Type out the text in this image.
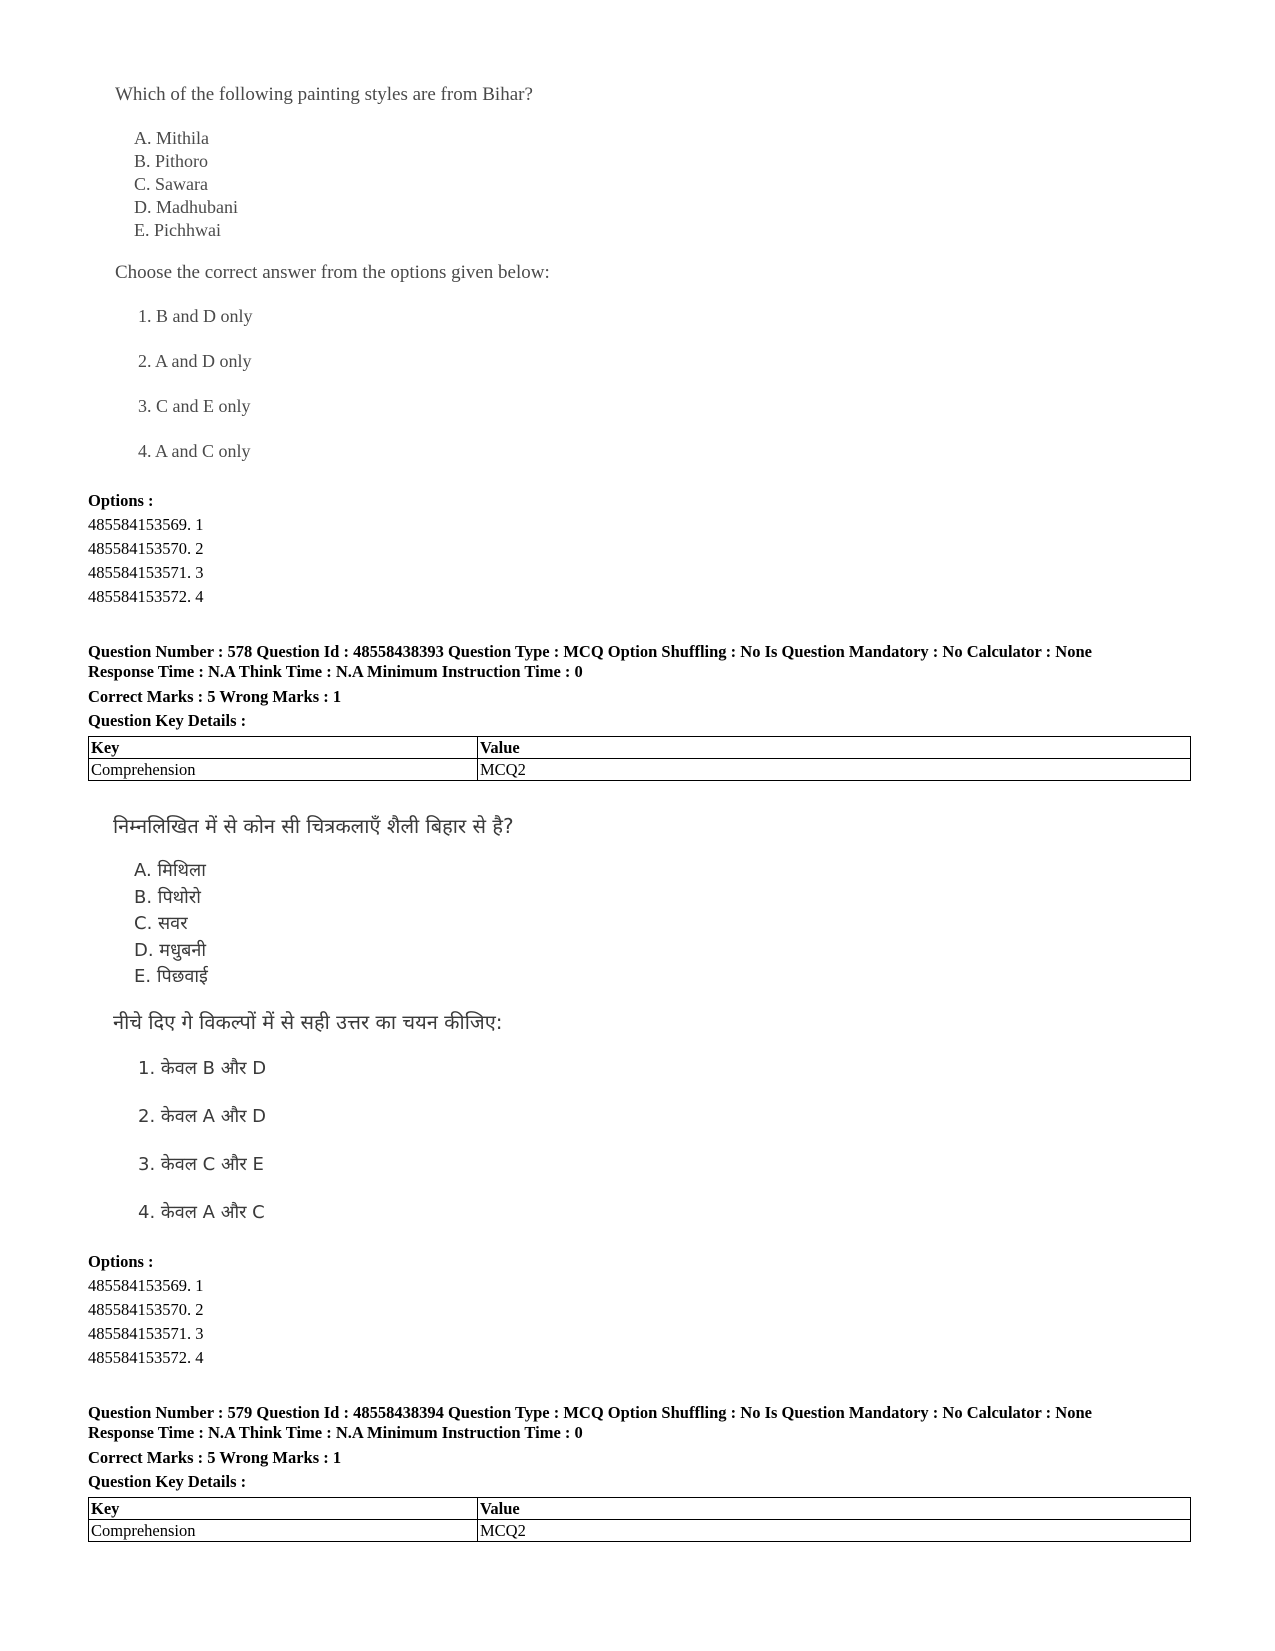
Which of the following painting styles are from Bihar?
A. Mithila
B. Pithoro
C. Sawara
D. Madhubani
E. Pichhwai
Choose the correct answer from the options given below:
1. B and D only
2. A and D only
3. C and E only
4. A and C only
Options :
485584153569. 1
485584153570. 2
485584153571. 3
485584153572. 4
Question Number : 578 Question Id : 48558438393 Question Type : MCQ Option Shuffling : No Is Question Mandatory : No Calculator : None
Response Time : N.A Think Time : N.A Minimum Instruction Time : 0
Correct Marks : 5 Wrong Marks : 1
Question Key Details :
Key	Value
Comprehension	MCQ2
निम्नलिखित में से कोन सी चित्रकलाएँ शैली बिहार से है?
A. मिथिला
B. पिथोरो
C. सवर
D. मधुबनी
E. पिछवाई
नीचे दिए गे विकल्पों में से सही उत्तर का चयन कीजिए:
1. केवल B और D
2. केवल A और D
3. केवल C और E
4. केवल A और C
Options :
485584153569. 1
485584153570. 2
485584153571. 3
485584153572. 4
Question Number : 579 Question Id : 48558438394 Question Type : MCQ Option Shuffling : No Is Question Mandatory : No Calculator : None
Response Time : N.A Think Time : N.A Minimum Instruction Time : 0
Correct Marks : 5 Wrong Marks : 1
Question Key Details :
Key	Value
Comprehension	MCQ2
